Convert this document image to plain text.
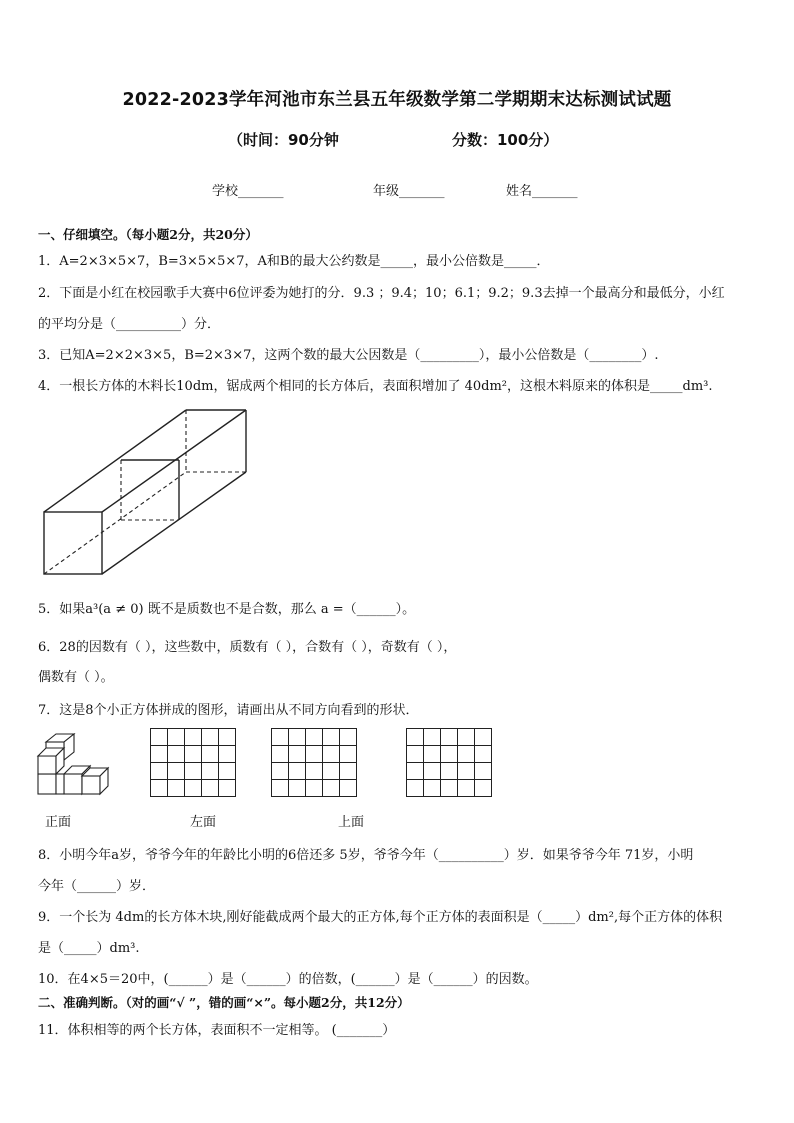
2022-2023学年河池市东兰县五年级数学第二学期期末达标测试试题
（时间：90分钟	分数：100分）
学校_______	年级_______	姓名_______
一、仔细填空。（每小题2分，共20分）
1．A=2×3×5×7，B=3×5×5×7，A和B的最大公约数是_____，最小公倍数是_____．
2．下面是小红在校园歌手大赛中6位评委为她打的分．9.3 ；9.4；10；6.1；9.2；9.3去掉一个最高分和最低分，小红
的平均分是（__________）分．
3．已知A=2×2×3×5，B=2×3×7，这两个数的最大公因数是（_________），最小公倍数是（________）.
4．一根长方体的木料长10dm，锯成两个相同的长方体后，表面积增加了 40dm²，这根木料原来的体积是_____dm³.
5．如果a³(a ≠ 0) 既不是质数也不是合数，那么 a =（______）。
6．28的因数有（ ），这些数中，质数有（ ），合数有（ ），奇数有（ ），
偶数有（ ）。
7．这是8个小正方体拼成的图形，请画出从不同方向看到的形状．
正面	左面	上面
8．小明今年a岁，爷爷今年的年龄比小明的6倍还多 5岁，爷爷今年（__________）岁．如果爷爷今年 71岁，小明
今年（______）岁．
9．一个长为 4dm的长方体木块,刚好能截成两个最大的正方体,每个正方体的表面积是（_____）dm²,每个正方体的体积
是（_____）dm³.
10．在4×5＝20中，(______）是（______）的倍数，(______）是（______）的因数。
二、准确判断。（对的画“√ ”，错的画“×”。每小题2分，共12分）
11．体积相等的两个长方体，表面积不一定相等。 (_______）
